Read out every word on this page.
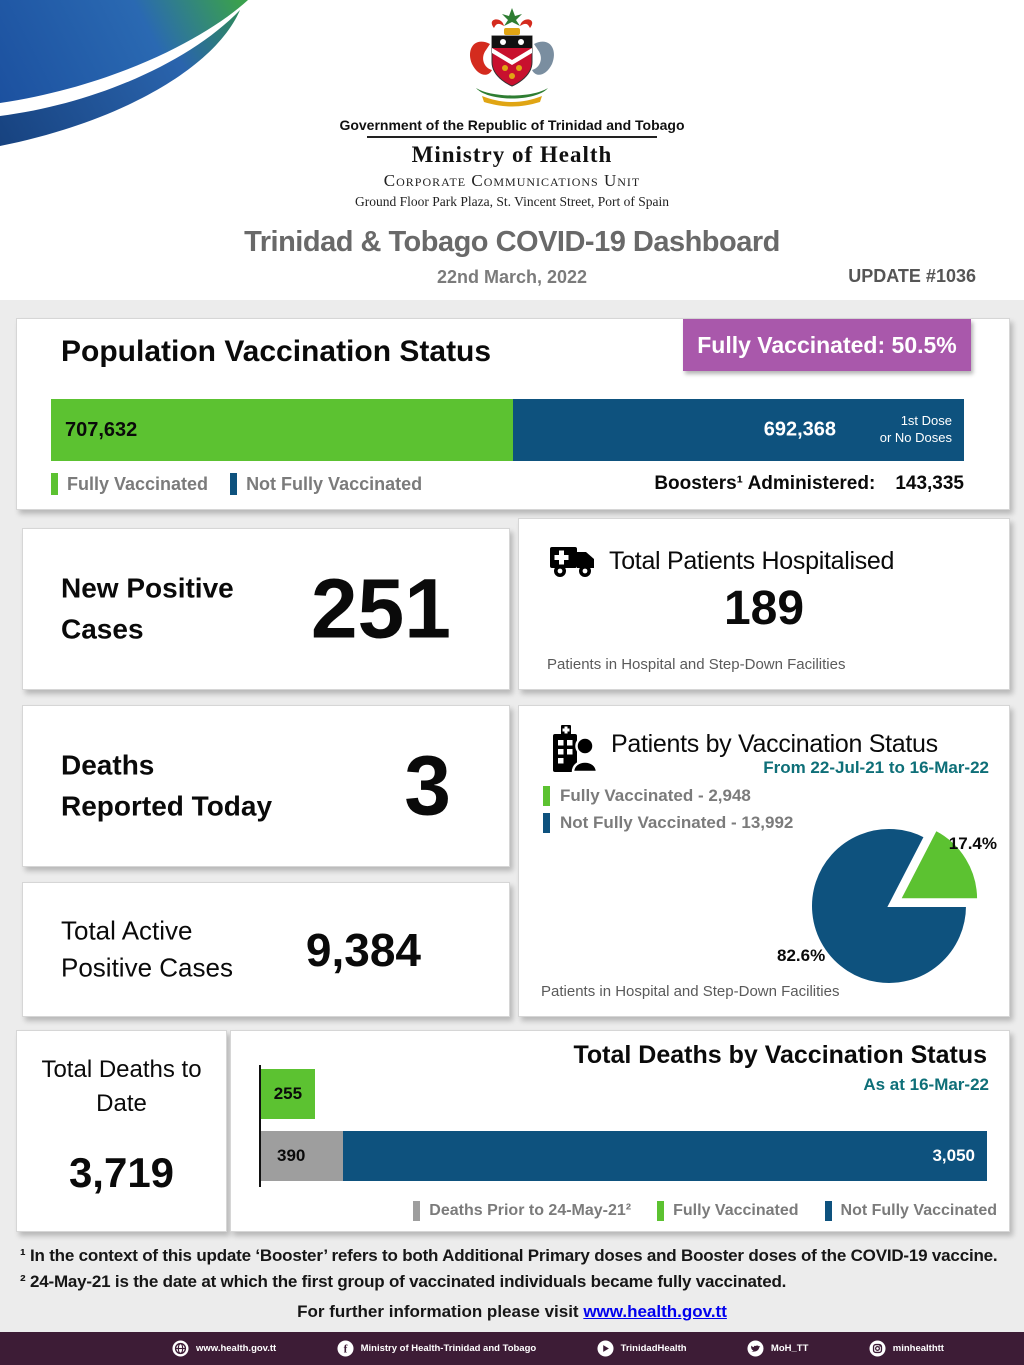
Government of the Republic of Trinidad and Tobago
Ministry of Health
Corporate Communications Unit
Ground Floor Park Plaza, St. Vincent Street, Port of Spain
Trinidad & Tobago COVID-19 Dashboard
22nd March, 2022	UPDATE #1036
Population Vaccination Status	Fully Vaccinated: 50.5%
707,632	692,368	1st Dose
or No Doses
Fully Vaccinated Not Fully Vaccinated	Boosters¹ Administered: 143,335
New Positive Cases	251
Total Patients Hospitalised
189
Patients in Hospital and Step-Down Facilities
Deaths Reported Today 3	Patients by Vaccination Status
From 22-Jul-21 to 16-Mar-22
Fully Vaccinated - 2,948
Not Fully Vaccinated - 13,992
17.4%
82.6%
Patients in Hospital and Step-Down Facilities
Total Active Positive Cases	9,384
Total Deaths to Date
3,719
Total Deaths by Vaccination Status
As at 16-Mar-22
255
390	3,050
Deaths Prior to 24-May-21²	Fully Vaccinated	Not Fully Vaccinated
¹ In the context of this update ‘Booster’ refers to both Additional Primary doses and Booster doses of the COVID-19 vaccine.
² 24-May-21 is the date at which the first group of vaccinated individuals became fully vaccinated.
For further information please visit www.health.gov.tt
www.health.gov.tt	f Ministry of Health-Trinidad and Tobago	TrinidadHealth	MoH_TT	minhealthtt
